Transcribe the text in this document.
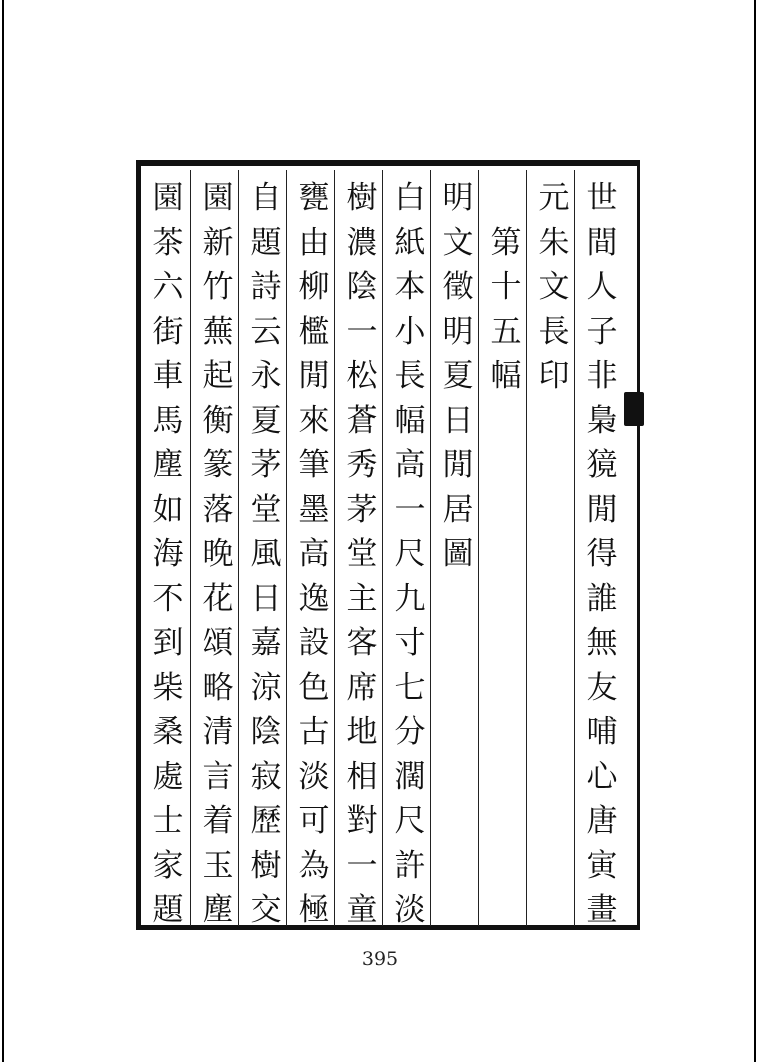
世
間
人
子
非
梟
獍
閒
得
誰
無
友
哺
心
唐
寅
畫
元
朱
文
長
印
第
十
五
幅
明
文
徵
明
夏
日
閒
居
圖
白
紙
本
小
長
幅
高
一
尺
九
寸
七
分
濶
尺
許
淡
樹
濃
陰
一
松
蒼
秀
茅
堂
主
客
席
地
相
對
一
童
甕
由
柳
檻
閒
來
筆
墨
高
逸
設
色
古
淡
可
為
極
自
題
詩
云
永
夏
茅
堂
風
日
嘉
涼
陰
寂
歷
樹
交
園
新
竹
蕪
起
衡
篆
落
晚
花
頌
略
清
言
着
玉
塵
園
茶
六
街
車
馬
塵
如
海
不
到
柴
桑
處
士
家
題
395
